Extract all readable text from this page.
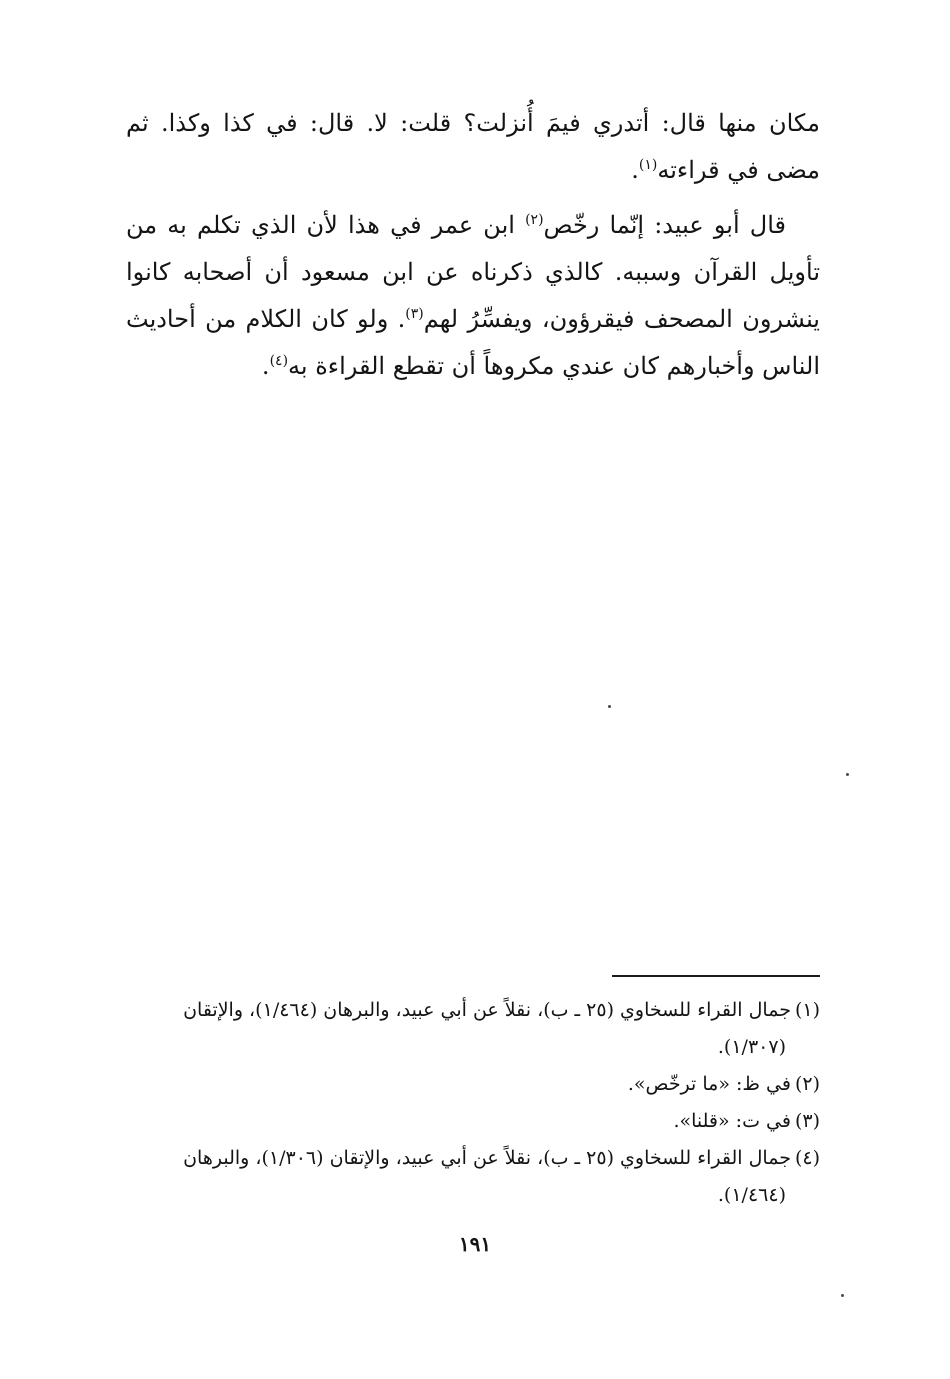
مكان منها قال: أتدري فيمَ أُنزلت؟ قلت: لا. قال: في كذا وكذا. ثم مضى في قراءته$^{(١)}$.

قال أبو عبيد: إنّما رخّص$^{(٢)}$ ابن عمر في هذا لأن الذي تكلم به من تأويل القرآن وسببه. كالذي ذكرناه عن ابن مسعود أن أصحابه كانوا ينشرون المصحف فيقرؤون، ويفسِّرُ لهم$^{(٣)}$. ولو كان الكلام من أحاديث الناس وأخبارهم كان عندي مكروهاً أن تقطع القراءة به$^{(٤)}$.

(١)جمال القراء للسخاوي (٢٥ ـ ب)، نقلاً عن أبي عبيد، والبرهان (١/٤٦٤)، والإتقان

(١/٣٠٧).

(٢)في ظ: «ما ترخّص».

(٣)في ت: «قلنا».

(٤)جمال القراء للسخاوي (٢٥ ـ ب)، نقلاً عن أبي عبيد، والإتقان (١/٣٠٦)، والبرهان

(١/٤٦٤).

١٩١
